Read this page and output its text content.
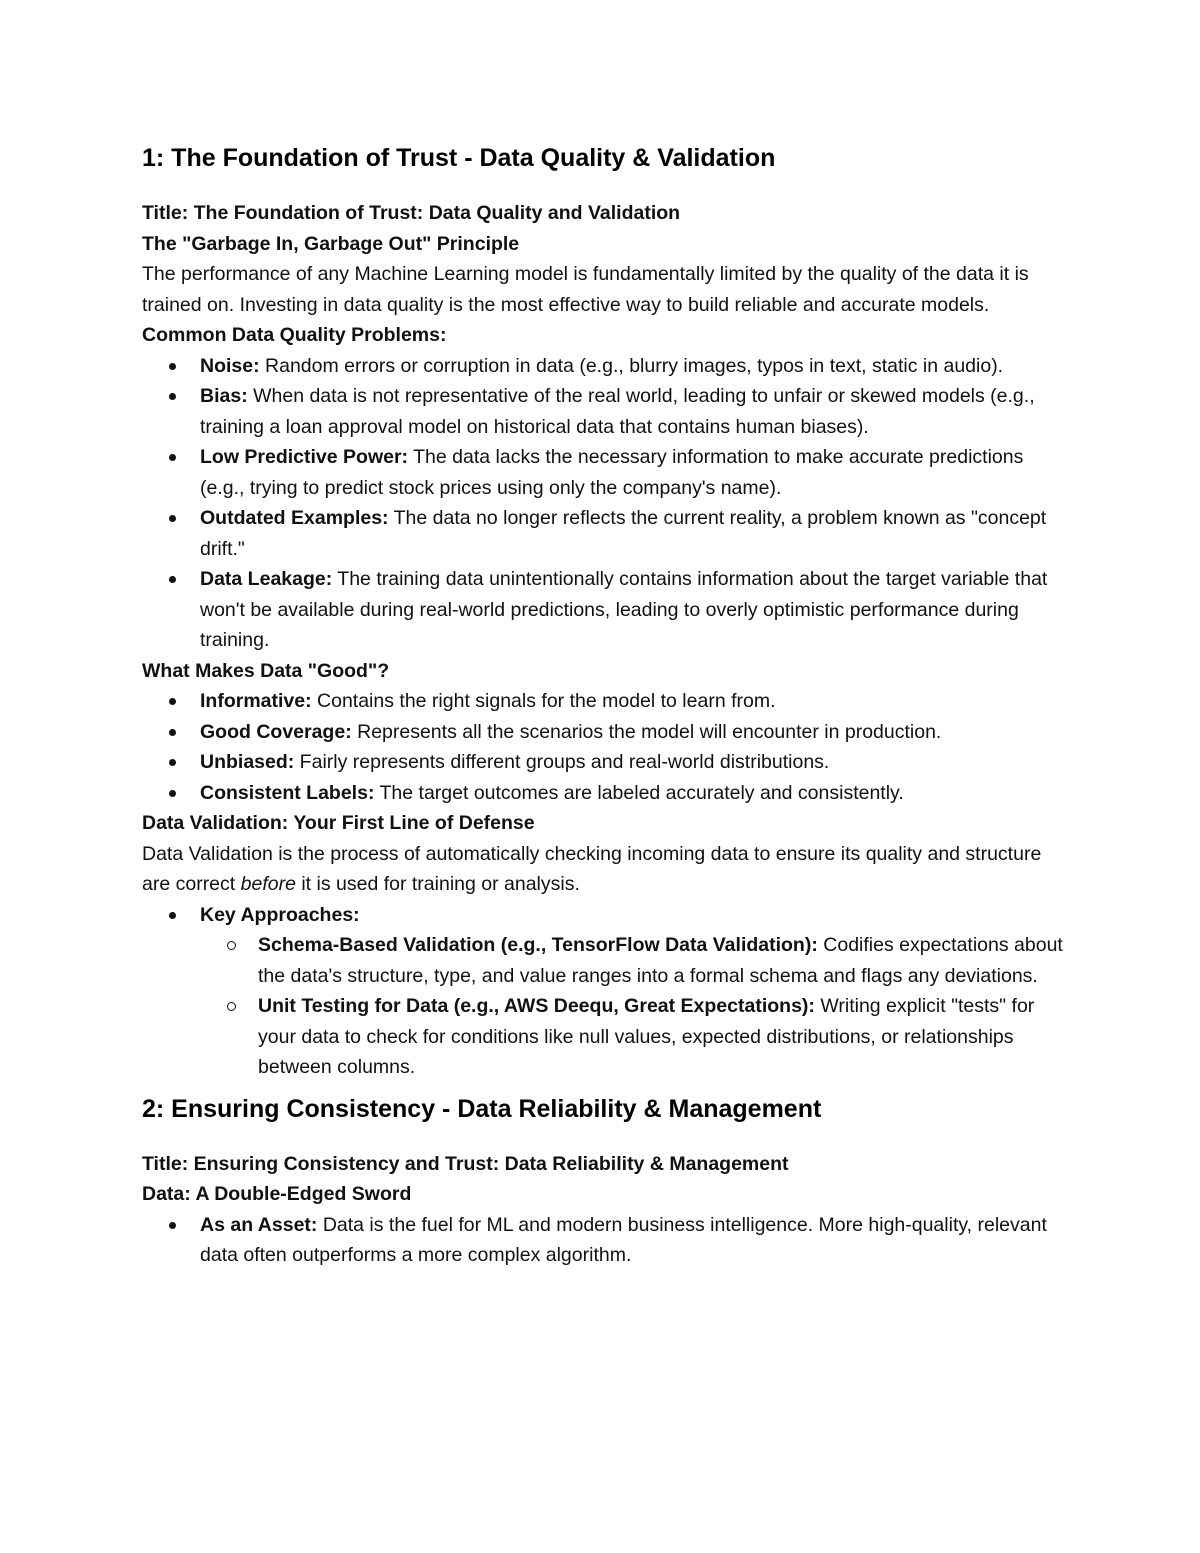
1: The Foundation of Trust - Data Quality & Validation
Title: The Foundation of Trust: Data Quality and Validation
The "Garbage In, Garbage Out" Principle

The performance of any Machine Learning model is fundamentally limited by the quality of the data it is trained on. Investing in data quality is the most effective way to build reliable and accurate models.

Common Data Quality Problems:
Noise: Random errors or corruption in data (e.g., blurry images, typos in text, static in audio).
Bias: When data is not representative of the real world, leading to unfair or skewed models (e.g., training a loan approval model on historical data that contains human biases).
Low Predictive Power: The data lacks the necessary information to make accurate predictions (e.g., trying to predict stock prices using only the company's name).
Outdated Examples: The data no longer reflects the current reality, a problem known as "concept drift."
Data Leakage: The training data unintentionally contains information about the target variable that won't be available during real-world predictions, leading to overly optimistic performance during training.
What Makes Data "Good"?
Informative: Contains the right signals for the model to learn from.
Good Coverage: Represents all the scenarios the model will encounter in production.
Unbiased: Fairly represents different groups and real-world distributions.
Consistent Labels: The target outcomes are labeled accurately and consistently.
Data Validation: Your First Line of Defense

Data Validation is the process of automatically checking incoming data to ensure its quality and structure are correct before it is used for training or analysis.

Key Approaches:
Schema-Based Validation (e.g., TensorFlow Data Validation): Codifies expectations about the data's structure, type, and value ranges into a formal schema and flags any deviations.
Unit Testing for Data (e.g., AWS Deequ, Great Expectations): Writing explicit "tests" for your data to check for conditions like null values, expected distributions, or relationships between columns.
2: Ensuring Consistency - Data Reliability & Management
Title: Ensuring Consistency and Trust: Data Reliability & Management
Data: A Double-Edged Sword
As an Asset: Data is the fuel for ML and modern business intelligence. More high-quality, relevant data often outperforms a more complex algorithm.
